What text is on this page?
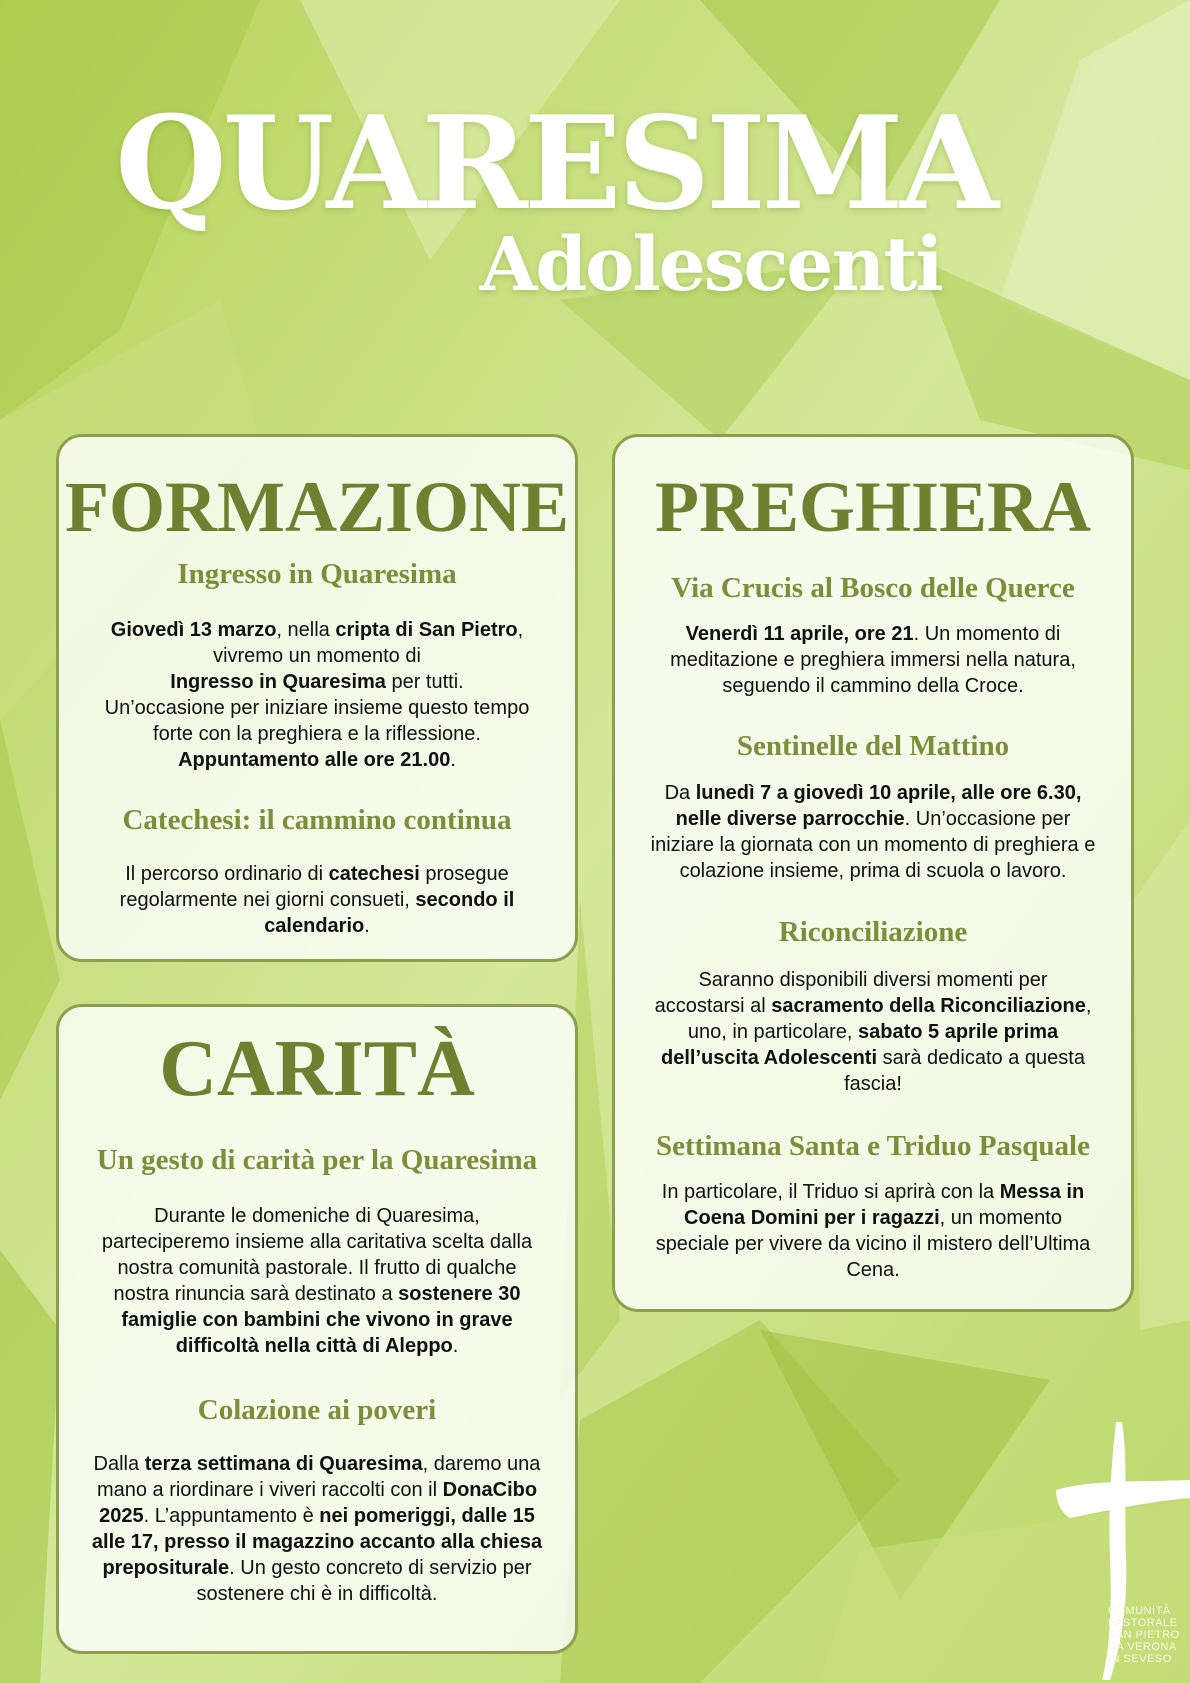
QUARESIMA
Adolescenti
FORMAZIONE
Ingresso in Quaresima

Giovedì 13 marzo, nella cripta di San Pietro,

vivremo un momento di

Ingresso in Quaresima per tutti.

Un’occasione per iniziare insieme questo tempo

forte con la preghiera e la riflessione.

Appuntamento alle ore 21.00.

Catechesi: il cammino continua

Il percorso ordinario di catechesi prosegue

regolarmente nei giorni consueti, secondo il

calendario.

PREGHIERA
Via Crucis al Bosco delle Querce

Venerdì 11 aprile, ore 21. Un momento di

meditazione e preghiera immersi nella natura,

seguendo il cammino della Croce.

Sentinelle del Mattino

Da lunedì 7 a giovedì 10 aprile, alle ore 6.30,

nelle diverse parrocchie. Un’occasione per

iniziare la giornata con un momento di preghiera e

colazione insieme, prima di scuola o lavoro.

Riconciliazione

Saranno disponibili diversi momenti per

accostarsi al sacramento della Riconciliazione,

uno, in particolare, sabato 5 aprile prima

dell’uscita Adolescenti sarà dedicato a questa

fascia!

Settimana Santa e Triduo Pasquale

In particolare, il Triduo si aprirà con la Messa in

Coena Domini per i ragazzi, un momento

speciale per vivere da vicino il mistero dell’Ultima

Cena.

CARITÀ
Un gesto di carità per la Quaresima

Durante le domeniche di Quaresima,

parteciperemo insieme alla caritativa scelta dalla

nostra comunità pastorale. Il frutto di qualche

nostra rinuncia sarà destinato a sostenere 30

famiglie con bambini che vivono in grave

difficoltà nella città di Aleppo.

Colazione ai poveri

Dalla terza settimana di Quaresima, daremo una

mano a riordinare i viveri raccolti con il DonaCibo

2025. L’appuntamento è nei pomeriggi, dalle 15

alle 17, presso il magazzino accanto alla chiesa

prepositurale. Un gesto concreto di servizio per

sostenere chi è in difficoltà.

COMUNITÀ
PASTORALE
SAN PIETRO
DA VERONA
IN SEVESO
